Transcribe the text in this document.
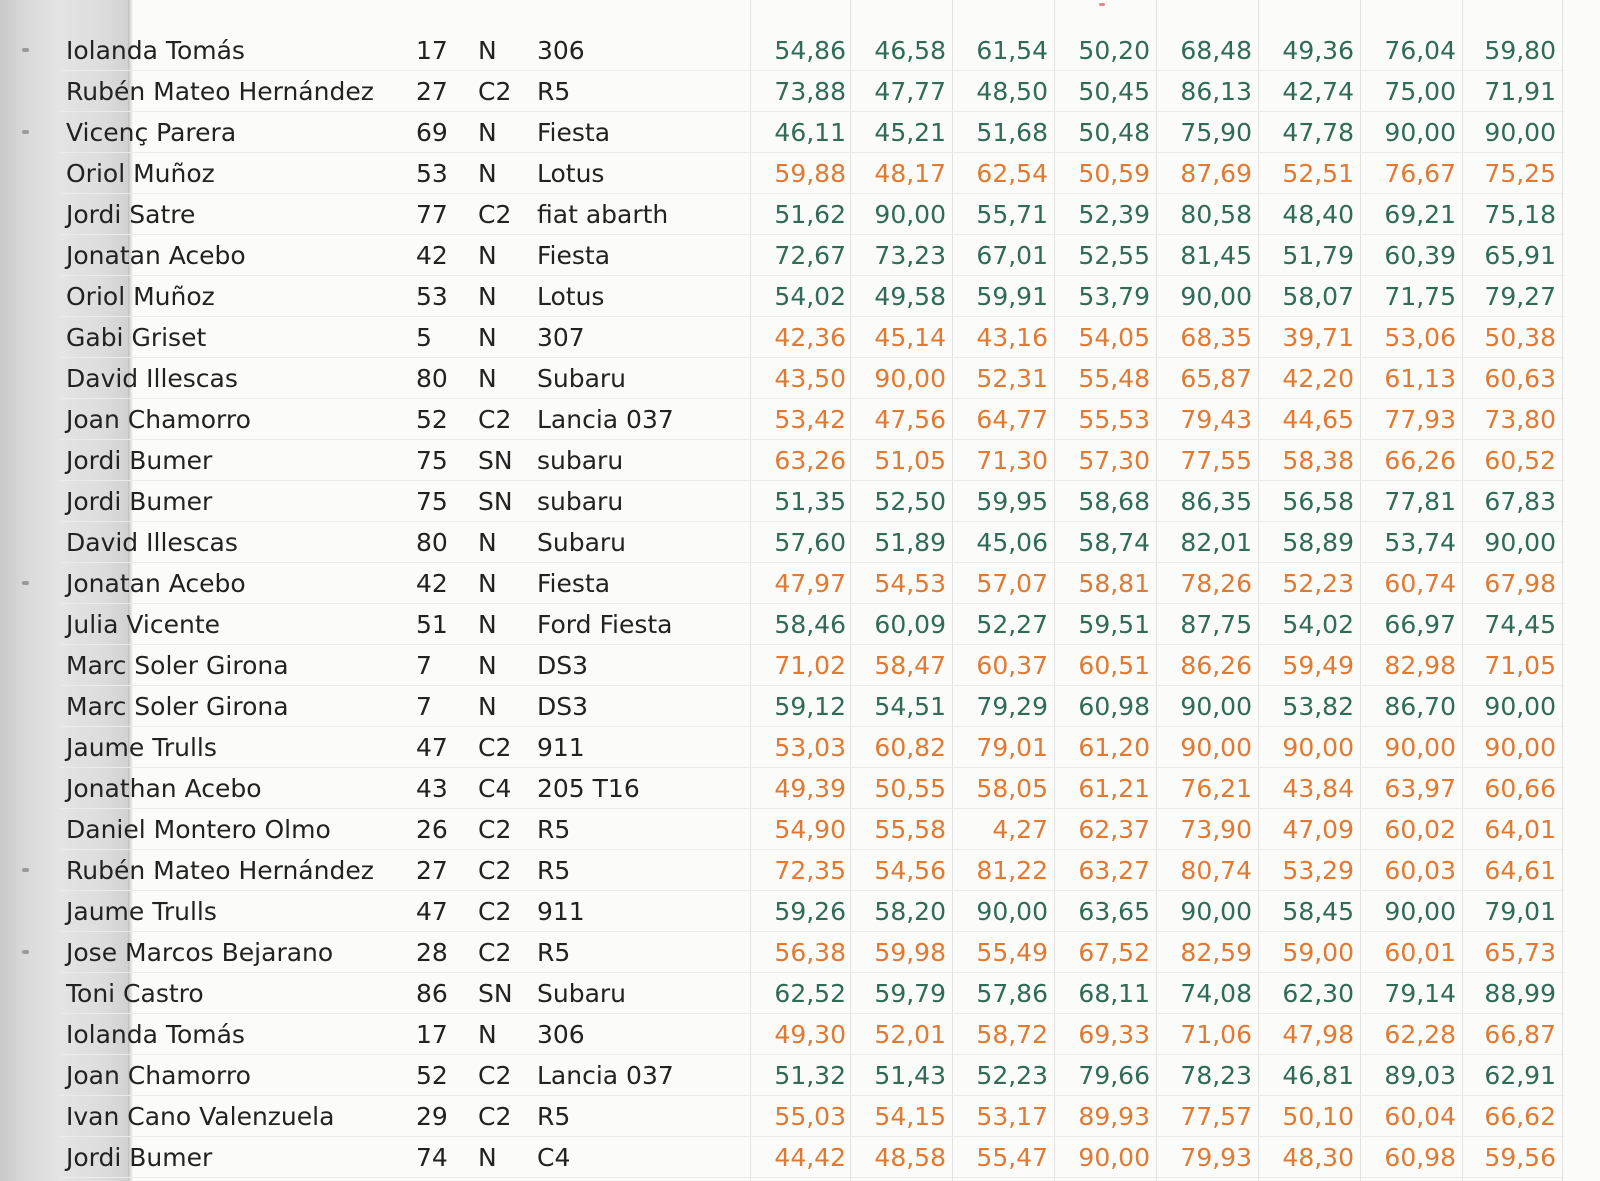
Iolanda Tomás	17 N 306	54,86	46,58	61,54	50,20	68,48	49,36	76,04	59,80
Rubén Mateo Hernández 27 C2 R5	73,88	47,77	48,50	50,45	86,13	42,74	75,00	71,91
Vicenç Parera	69 N Fiesta	46,11	45,21	51,68	50,48	75,90	47,78	90,00	90,00
Oriol Muñoz	53 N Lotus	59,88	48,17	62,54	50,59	87,69	52,51	76,67	75,25
Jordi Satre	77 C2 fiat abarth	51,62	90,00	55,71	52,39	80,58	48,40	69,21	75,18
Jonatan Acebo	42 N Fiesta	72,67	73,23	67,01	52,55	81,45	51,79	60,39	65,91
Oriol Muñoz	53 N Lotus	54,02	49,58	59,91	53,79	90,00	58,07	71,75	79,27
Gabi Griset	5 N 307	42,36	45,14	43,16	54,05	68,35	39,71	53,06	50,38
David Illescas	80 N Subaru	43,50	90,00	52,31	55,48	65,87	42,20	61,13	60,63
Joan Chamorro	52 C2 Lancia 037	53,42	47,56	64,77	55,53	79,43	44,65	77,93	73,80
Jordi Bumer	75 SN subaru	63,26	51,05	71,30	57,30	77,55	58,38	66,26	60,52
Jordi Bumer	75 SN subaru	51,35	52,50	59,95	58,68	86,35	56,58	77,81	67,83
David Illescas	80 N Subaru	57,60	51,89	45,06	58,74	82,01	58,89	53,74	90,00
Jonatan Acebo	42 N Fiesta	47,97	54,53	57,07	58,81	78,26	52,23	60,74	67,98
Julia Vicente	51 N Ford Fiesta	58,46	60,09	52,27	59,51	87,75	54,02	66,97	74,45
Marc Soler Girona	7 N DS3	71,02	58,47	60,37	60,51	86,26	59,49	82,98	71,05
Marc Soler Girona	7 N DS3	59,12	54,51	79,29	60,98	90,00	53,82	86,70	90,00
Jaume Trulls	47 C2 911	53,03	60,82	79,01	61,20	90,00	90,00	90,00	90,00
Jonathan Acebo	43 C4 205 T16	49,39	50,55	58,05	61,21	76,21	43,84	63,97	60,66
Daniel Montero Olmo	26 C2 R5	54,90	55,58	4,27	62,37	73,90	47,09	60,02	64,01
Rubén Mateo Hernández 27 C2 R5	72,35	54,56	81,22	63,27	80,74	53,29	60,03	64,61
Jaume Trulls	47 C2 911	59,26	58,20	90,00	63,65	90,00	58,45	90,00	79,01
Jose Marcos Bejarano	28 C2 R5	56,38	59,98	55,49	67,52	82,59	59,00	60,01	65,73
Toni Castro	86 SN Subaru	62,52	59,79	57,86	68,11	74,08	62,30	79,14	88,99
Iolanda Tomás	17 N 306	49,30	52,01	58,72	69,33	71,06	47,98	62,28	66,87
Joan Chamorro	52 C2 Lancia 037	51,32	51,43	52,23	79,66	78,23	46,81	89,03	62,91
Ivan Cano Valenzuela	29 C2 R5	55,03	54,15	53,17	89,93	77,57	50,10	60,04	66,62
Jordi Bumer	74 N C4	44,42	48,58	55,47	90,00	79,93	48,30	60,98	59,56
